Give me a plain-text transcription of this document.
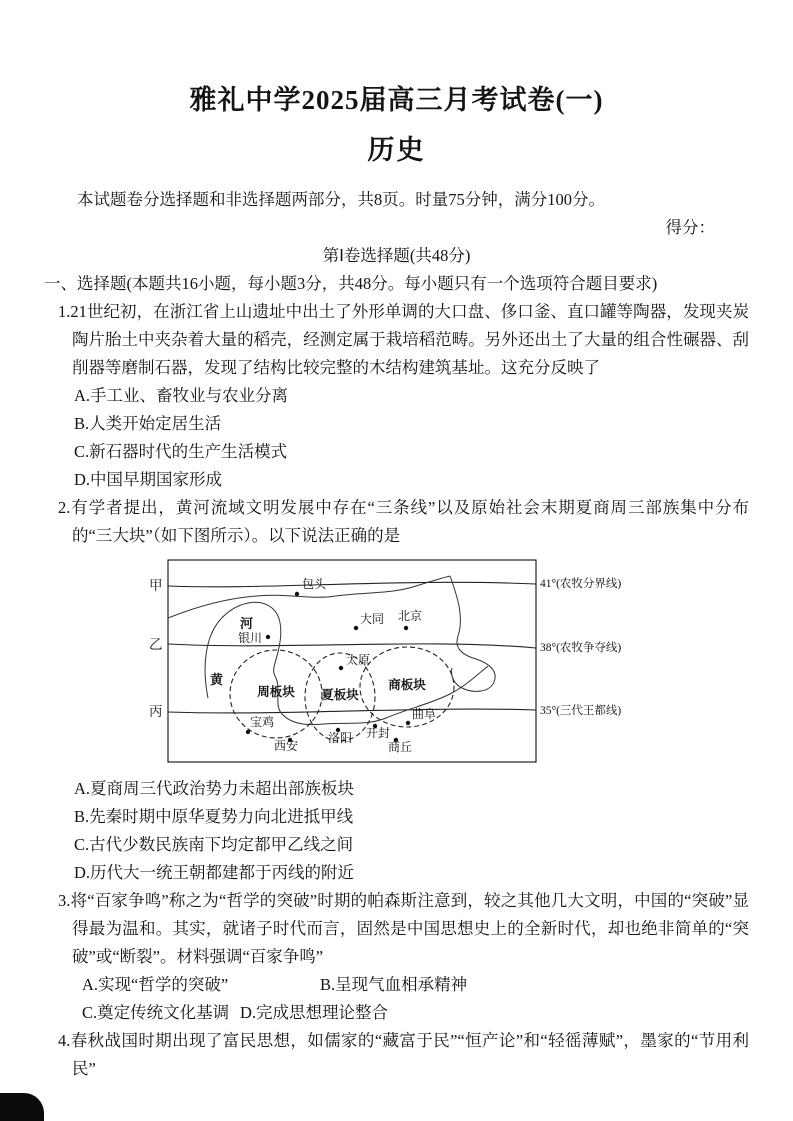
雅礼中学2025届高三月考试卷(一)
历史

本试题卷分选择题和非选择题两部分，共8页。时量75分钟，满分100分。

得分：

第Ⅰ卷选择题(共48分)

一、选择题(本题共16小题，每小题3分，共48分。每小题只有一个选项符合题目要求)

1.21世纪初，在浙江省上山遗址中出土了外形单调的大口盘、侈口釜、直口罐等陶器，发现夹炭陶片胎土中夹杂着大量的稻壳，经测定属于栽培稻范畴。另外还出土了大量的组合性碾器、刮削器等磨制石器，发现了结构比较完整的木结构建筑基址。这充分反映了

A.手工业、畜牧业与农业分离

B.人类开始定居生活

C.新石器时代的生产生活模式

D.中国早期国家形成

2.有学者提出，黄河流域文明发展中存在“三条线”以及原始社会末期夏商周三部族集中分布的“三大块”（如下图所示）。以下说法正确的是

甲
乙
丙
41°(农牧分界线)
38°(农牧争夺线)
35°(三代王都线)
河
黄
包头
大同 北京
银川
太原
宝鸡
西安
洛阳 开封
商丘
曲阜
周板块 夏板块
商板块

A.夏商周三代政治势力未超出部族板块

B.先秦时期中原华夏势力向北进抵甲线

C.古代少数民族南下均定都甲乙线之间

D.历代大一统王朝都建都于丙线的附近

3.将“百家争鸣”称之为“哲学的突破”时期的帕森斯注意到，较之其他几大文明，中国的“突破”显得最为温和。其实，就诸子时代而言，固然是中国思想史上的全新时代，却也绝非简单的“突破”或“断裂”。材料强调“百家争鸣”

A.实现“哲学的突破”	B.呈现气血相承精神
C.奠定传统文化基调 D.完成思想理论整合

4.春秋战国时期出现了富民思想，如儒家的“藏富于民”“恒产论”和“轻徭薄赋”，墨家的“节用利民”
